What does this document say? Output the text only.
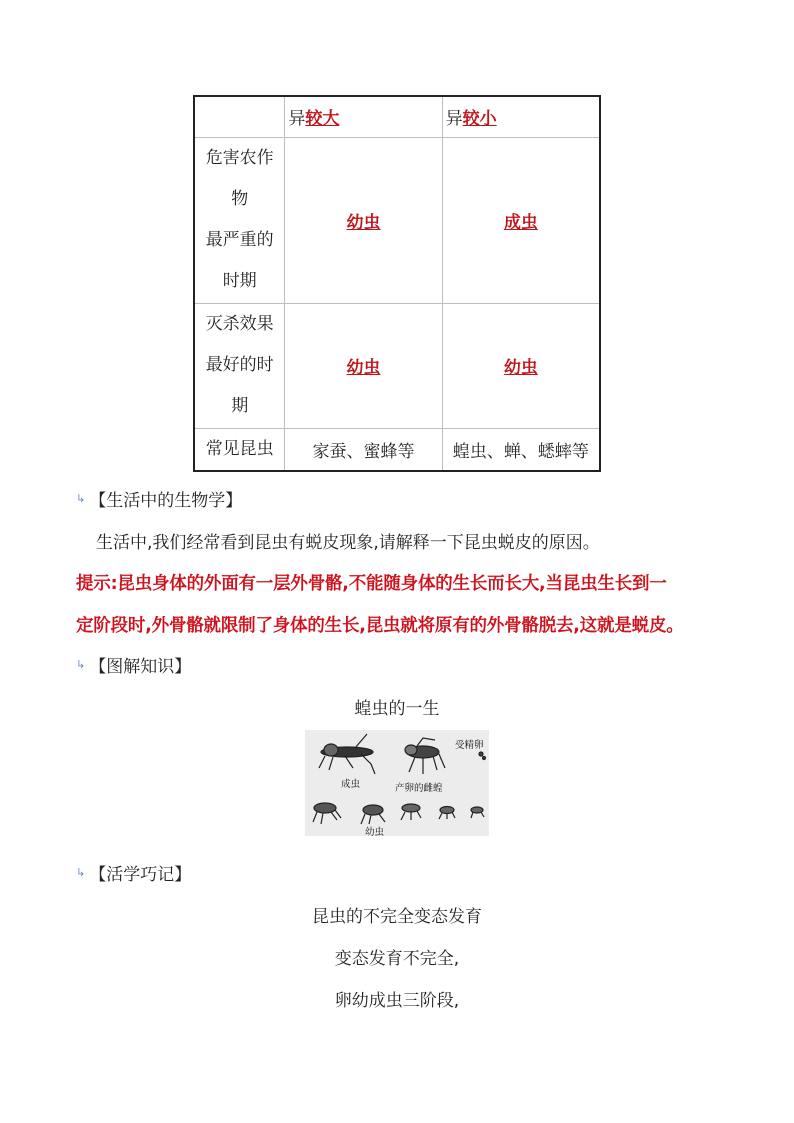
	异较大	异较小

危害农作
物
最严重的
时期	幼虫	成虫

灭杀效果
最好的时
期	幼虫	幼虫
常见昆虫	家蚕、蜜蜂等	蝗虫、蝉、蟋蟀等
↳ 【生活中的生物学】
生活中,我们经常看到昆虫有蜕皮现象,请解释一下昆虫蜕皮的原因。
提示:昆虫身体的外面有一层外骨骼,不能随身体的生长而长大,当昆虫生长到一
定阶段时,外骨骼就限制了身体的生长,昆虫就将原有的外骨骼脱去,这就是蜕皮。
↳ 【图解知识】
蝗虫的一生
成虫
受精卵
产卵的雌蝗
幼虫
↳ 【活学巧记】
昆虫的不完全变态发育
变态发育不完全,
卵幼成虫三阶段,
